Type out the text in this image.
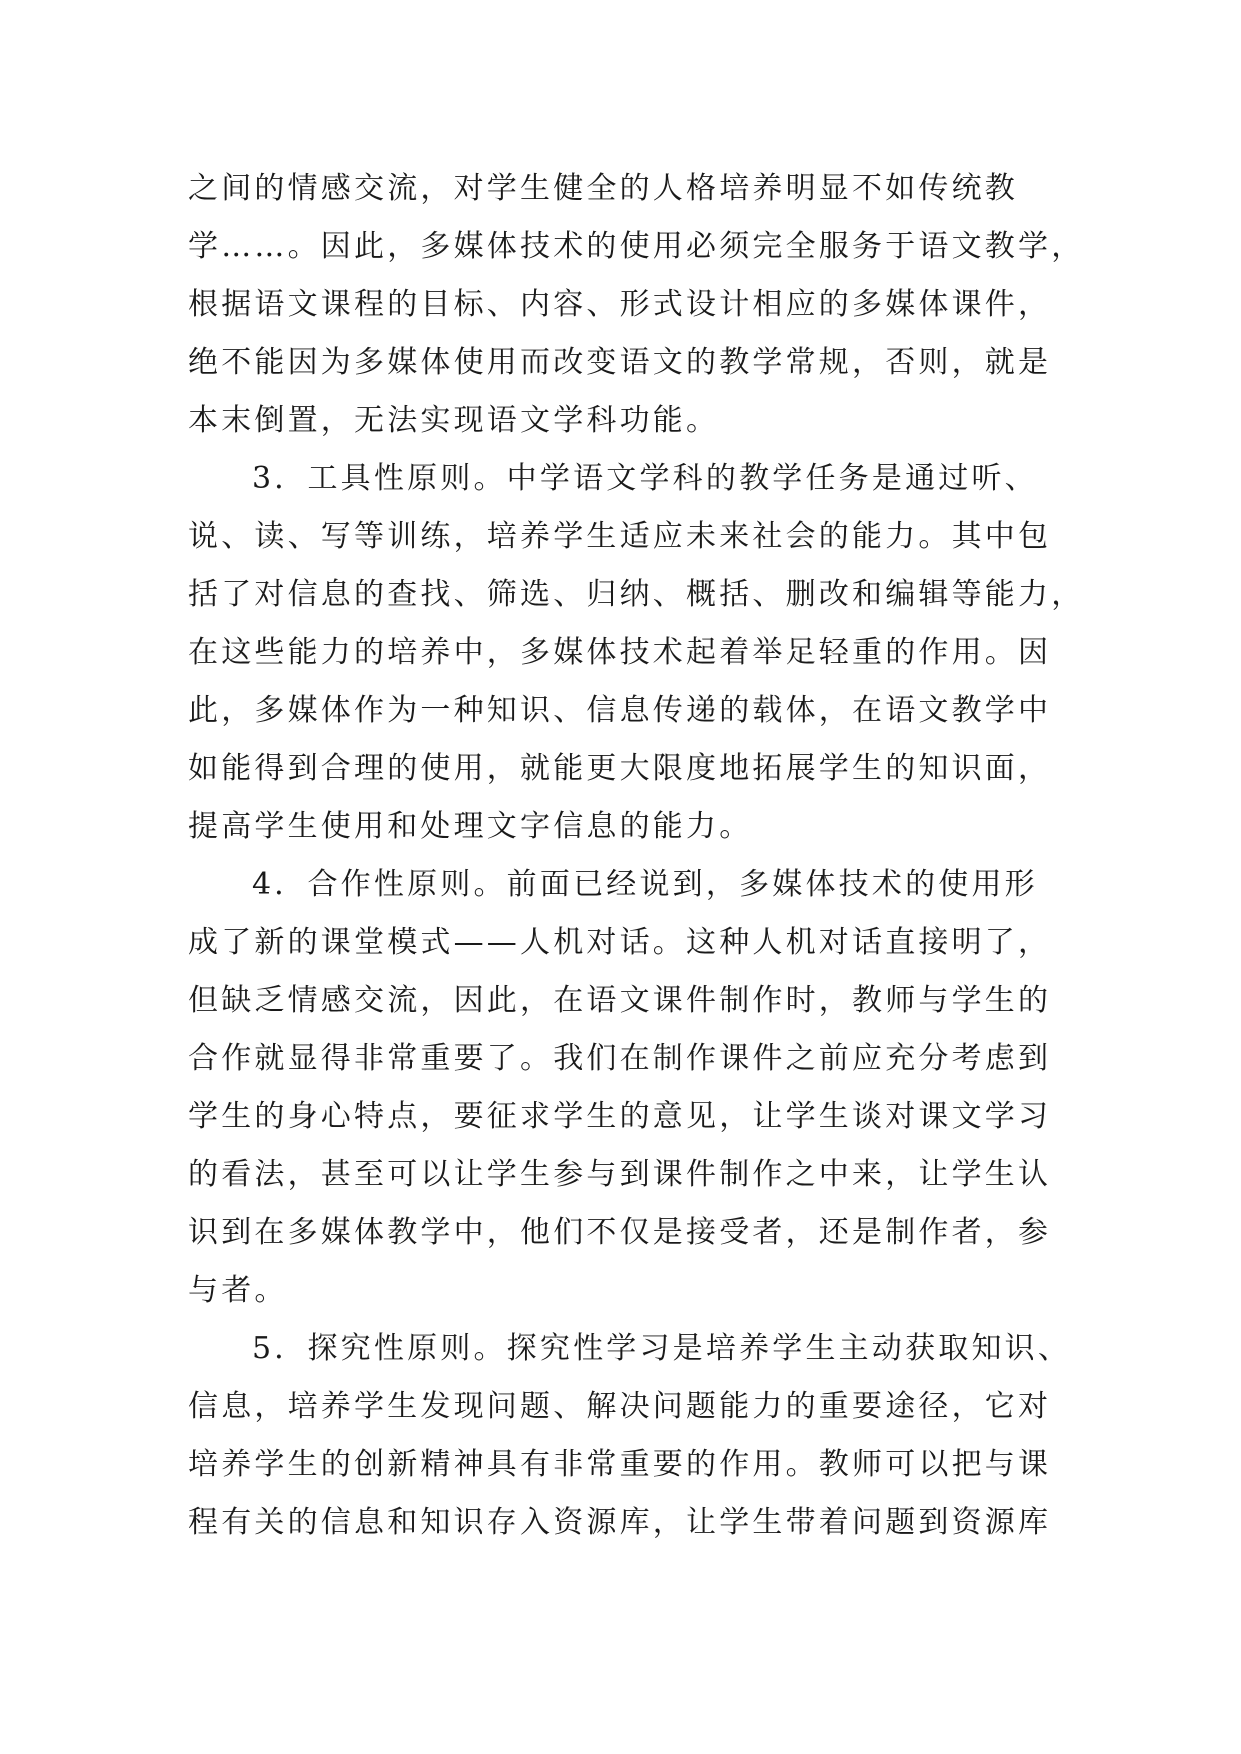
之间的情感交流，对学生健全的人格培养明显不如传统教
学……。因此，多媒体技术的使用必须完全服务于语文教学，
根据语文课程的目标、内容、形式设计相应的多媒体课件，
绝不能因为多媒体使用而改变语文的教学常规，否则，就是
本末倒置，无法实现语文学科功能。
3．工具性原则。中学语文学科的教学任务是通过听、
说、读、写等训练，培养学生适应未来社会的能力。其中包
括了对信息的查找、筛选、归纳、概括、删改和编辑等能力，
在这些能力的培养中，多媒体技术起着举足轻重的作用。因
此，多媒体作为一种知识、信息传递的载体，在语文教学中
如能得到合理的使用，就能更大限度地拓展学生的知识面，
提高学生使用和处理文字信息的能力。
4．合作性原则。前面已经说到，多媒体技术的使用形
成了新的课堂模式——人机对话。这种人机对话直接明了，
但缺乏情感交流，因此，在语文课件制作时，教师与学生的
合作就显得非常重要了。我们在制作课件之前应充分考虑到
学生的身心特点，要征求学生的意见，让学生谈对课文学习
的看法，甚至可以让学生参与到课件制作之中来，让学生认
识到在多媒体教学中，他们不仅是接受者，还是制作者，参
与者。
5．探究性原则。探究性学习是培养学生主动获取知识、
信息，培养学生发现问题、解决问题能力的重要途径，它对
培养学生的创新精神具有非常重要的作用。教师可以把与课
程有关的信息和知识存入资源库，让学生带着问题到资源库
